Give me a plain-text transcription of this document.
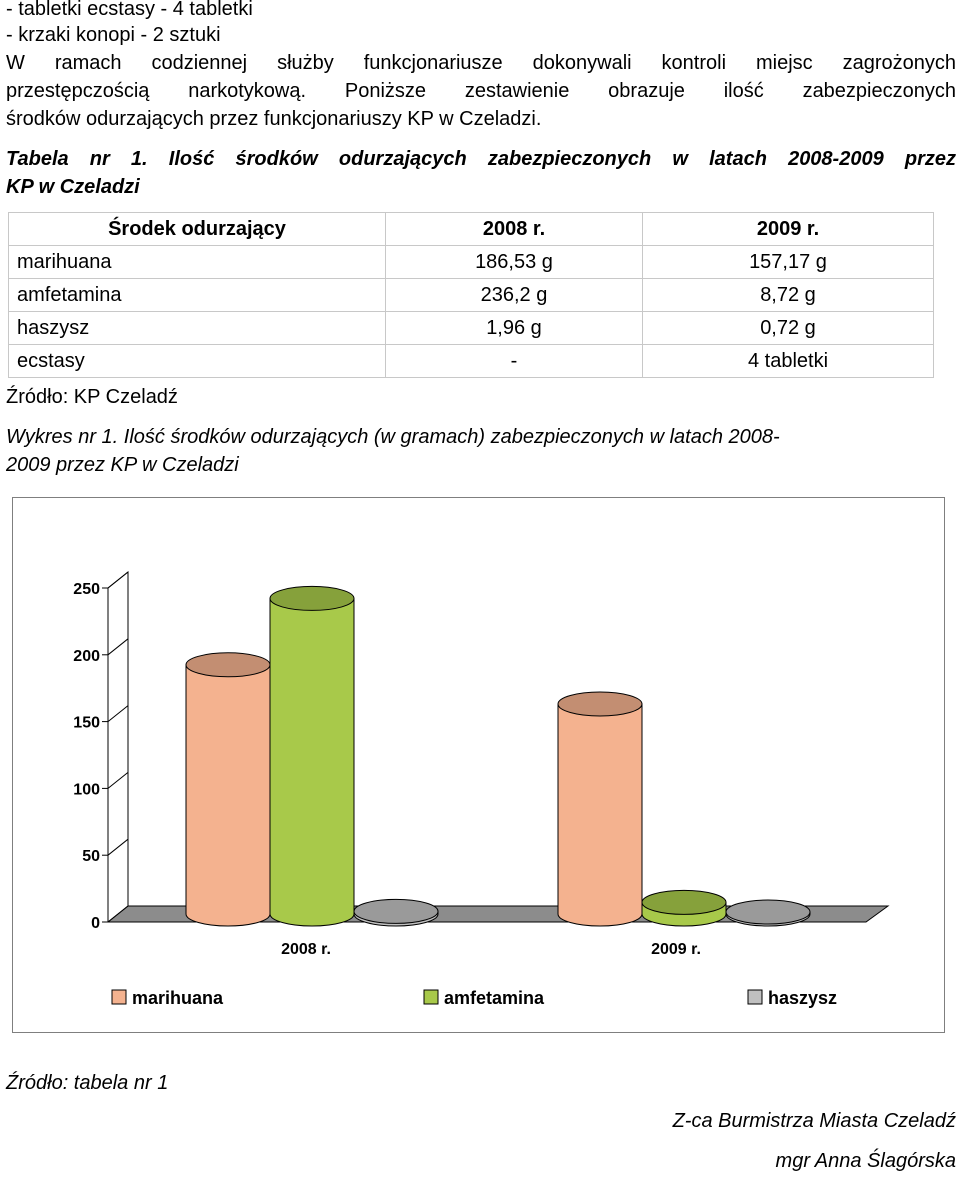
- tabletki ecstasy - 4 tabletki
- krzaki konopi - 2 sztuki
W ramach codziennej służby funkcjonariusze dokonywali kontroli miejsc zagrożonych
przestępczością narkotykową. Poniższe zestawienie obrazuje ilość zabezpieczonych
środków odurzających przez funkcjonariuszy KP w Czeladzi.
Tabela nr 1. Ilość środków odurzających zabezpieczonych w latach 2008-2009 przez
KP w Czeladzi
Środek odurzający	2008 r.	2009 r.
marihuana	186,53 g	157,17 g
amfetamina	236,2 g	8,72 g
haszysz	1,96 g	0,72 g
ecstasy	-	4 tabletki
Źródło: KP Czeladź
Wykres nr 1. Ilość środków odurzających (w gramach) zabezpieczonych w latach 2008-
2009 przez KP w Czeladzi
0
50
100
150
200
250
2008 r.	2009 r.
marihuana	amfetamina	haszysz
Źródło: tabela nr 1
Z-ca Burmistrza Miasta Czeladź
mgr Anna Ślagórska
